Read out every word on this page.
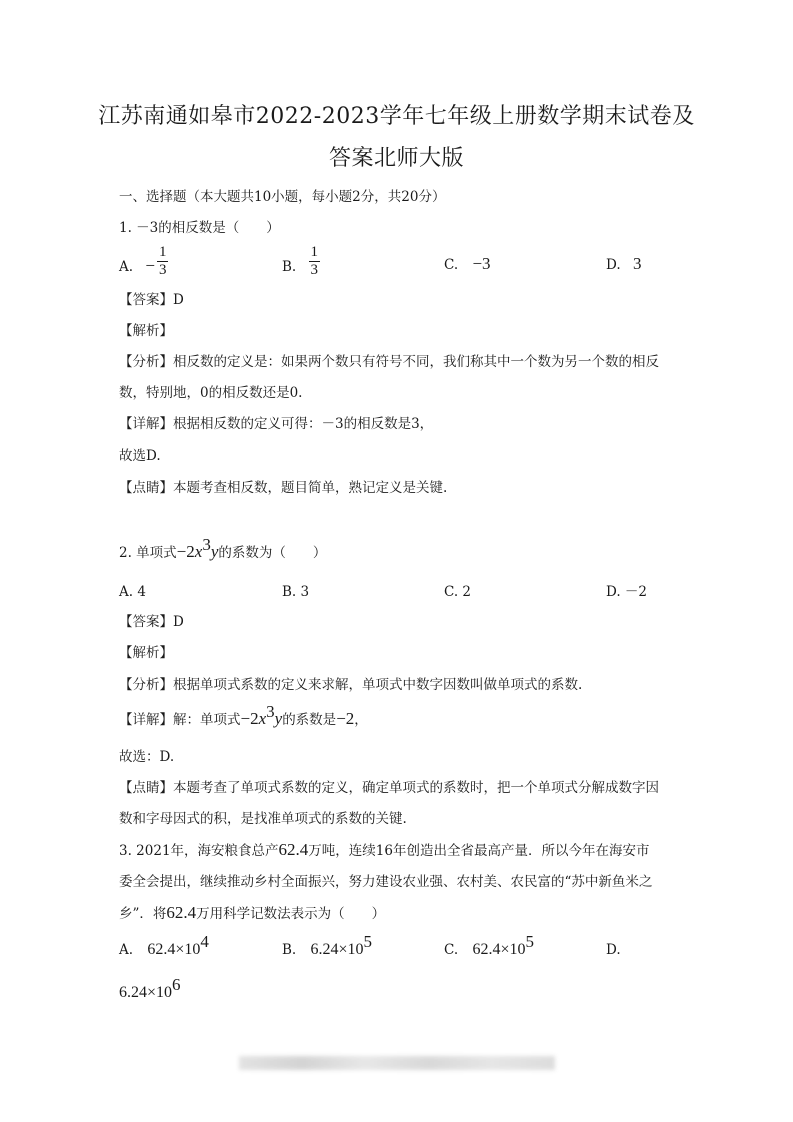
江苏南通如皋市2022-2023学年七年级上册数学期末试卷及
答案北师大版
一、选择题（本大题共10小题，每小题2分，共20分）
1. －3的相反数是（　　）
A. − $\frac{1}{3}$	B. $\frac{1}{3}$	C. −3	D. 3
【答案】D
【解析】
【分析】相反数的定义是：如果两个数只有符号不同，我们称其中一个数为另一个数的相反
数，特别地，0的相反数还是0.
【详解】根据相反数的定义可得：－3的相反数是3，
故选D.
【点睛】本题考查相反数，题目简单，熟记定义是关键.
2. 单项式$-2x^3y$的系数为（　　）
A. 4	B. 3	C. 2	D. －2
【答案】D
【解析】
【分析】根据单项式系数的定义来求解，单项式中数字因数叫做单项式的系数.
【详解】解：单项式$-2x^3y$的系数是−2，
故选：D.
【点睛】本题考查了单项式系数的定义，确定单项式的系数时，把一个单项式分解成数字因
数和字母因式的积，是找准单项式的系数的关键.
3. 2021年，海安粮食总产62.4万吨，连续16年创造出全省最高产量．所以今年在海安市
委全会提出，继续推动乡村全面振兴，努力建设农业强、农村美、农民富的“苏中新鱼米之
乡”．将62.4万用科学记数法表示为（　　）
A. $62.4\times 10^4$	B. $6.24\times 10^5$	C. $62.4\times 10^5$	D.
$6.24\times 10^6$
